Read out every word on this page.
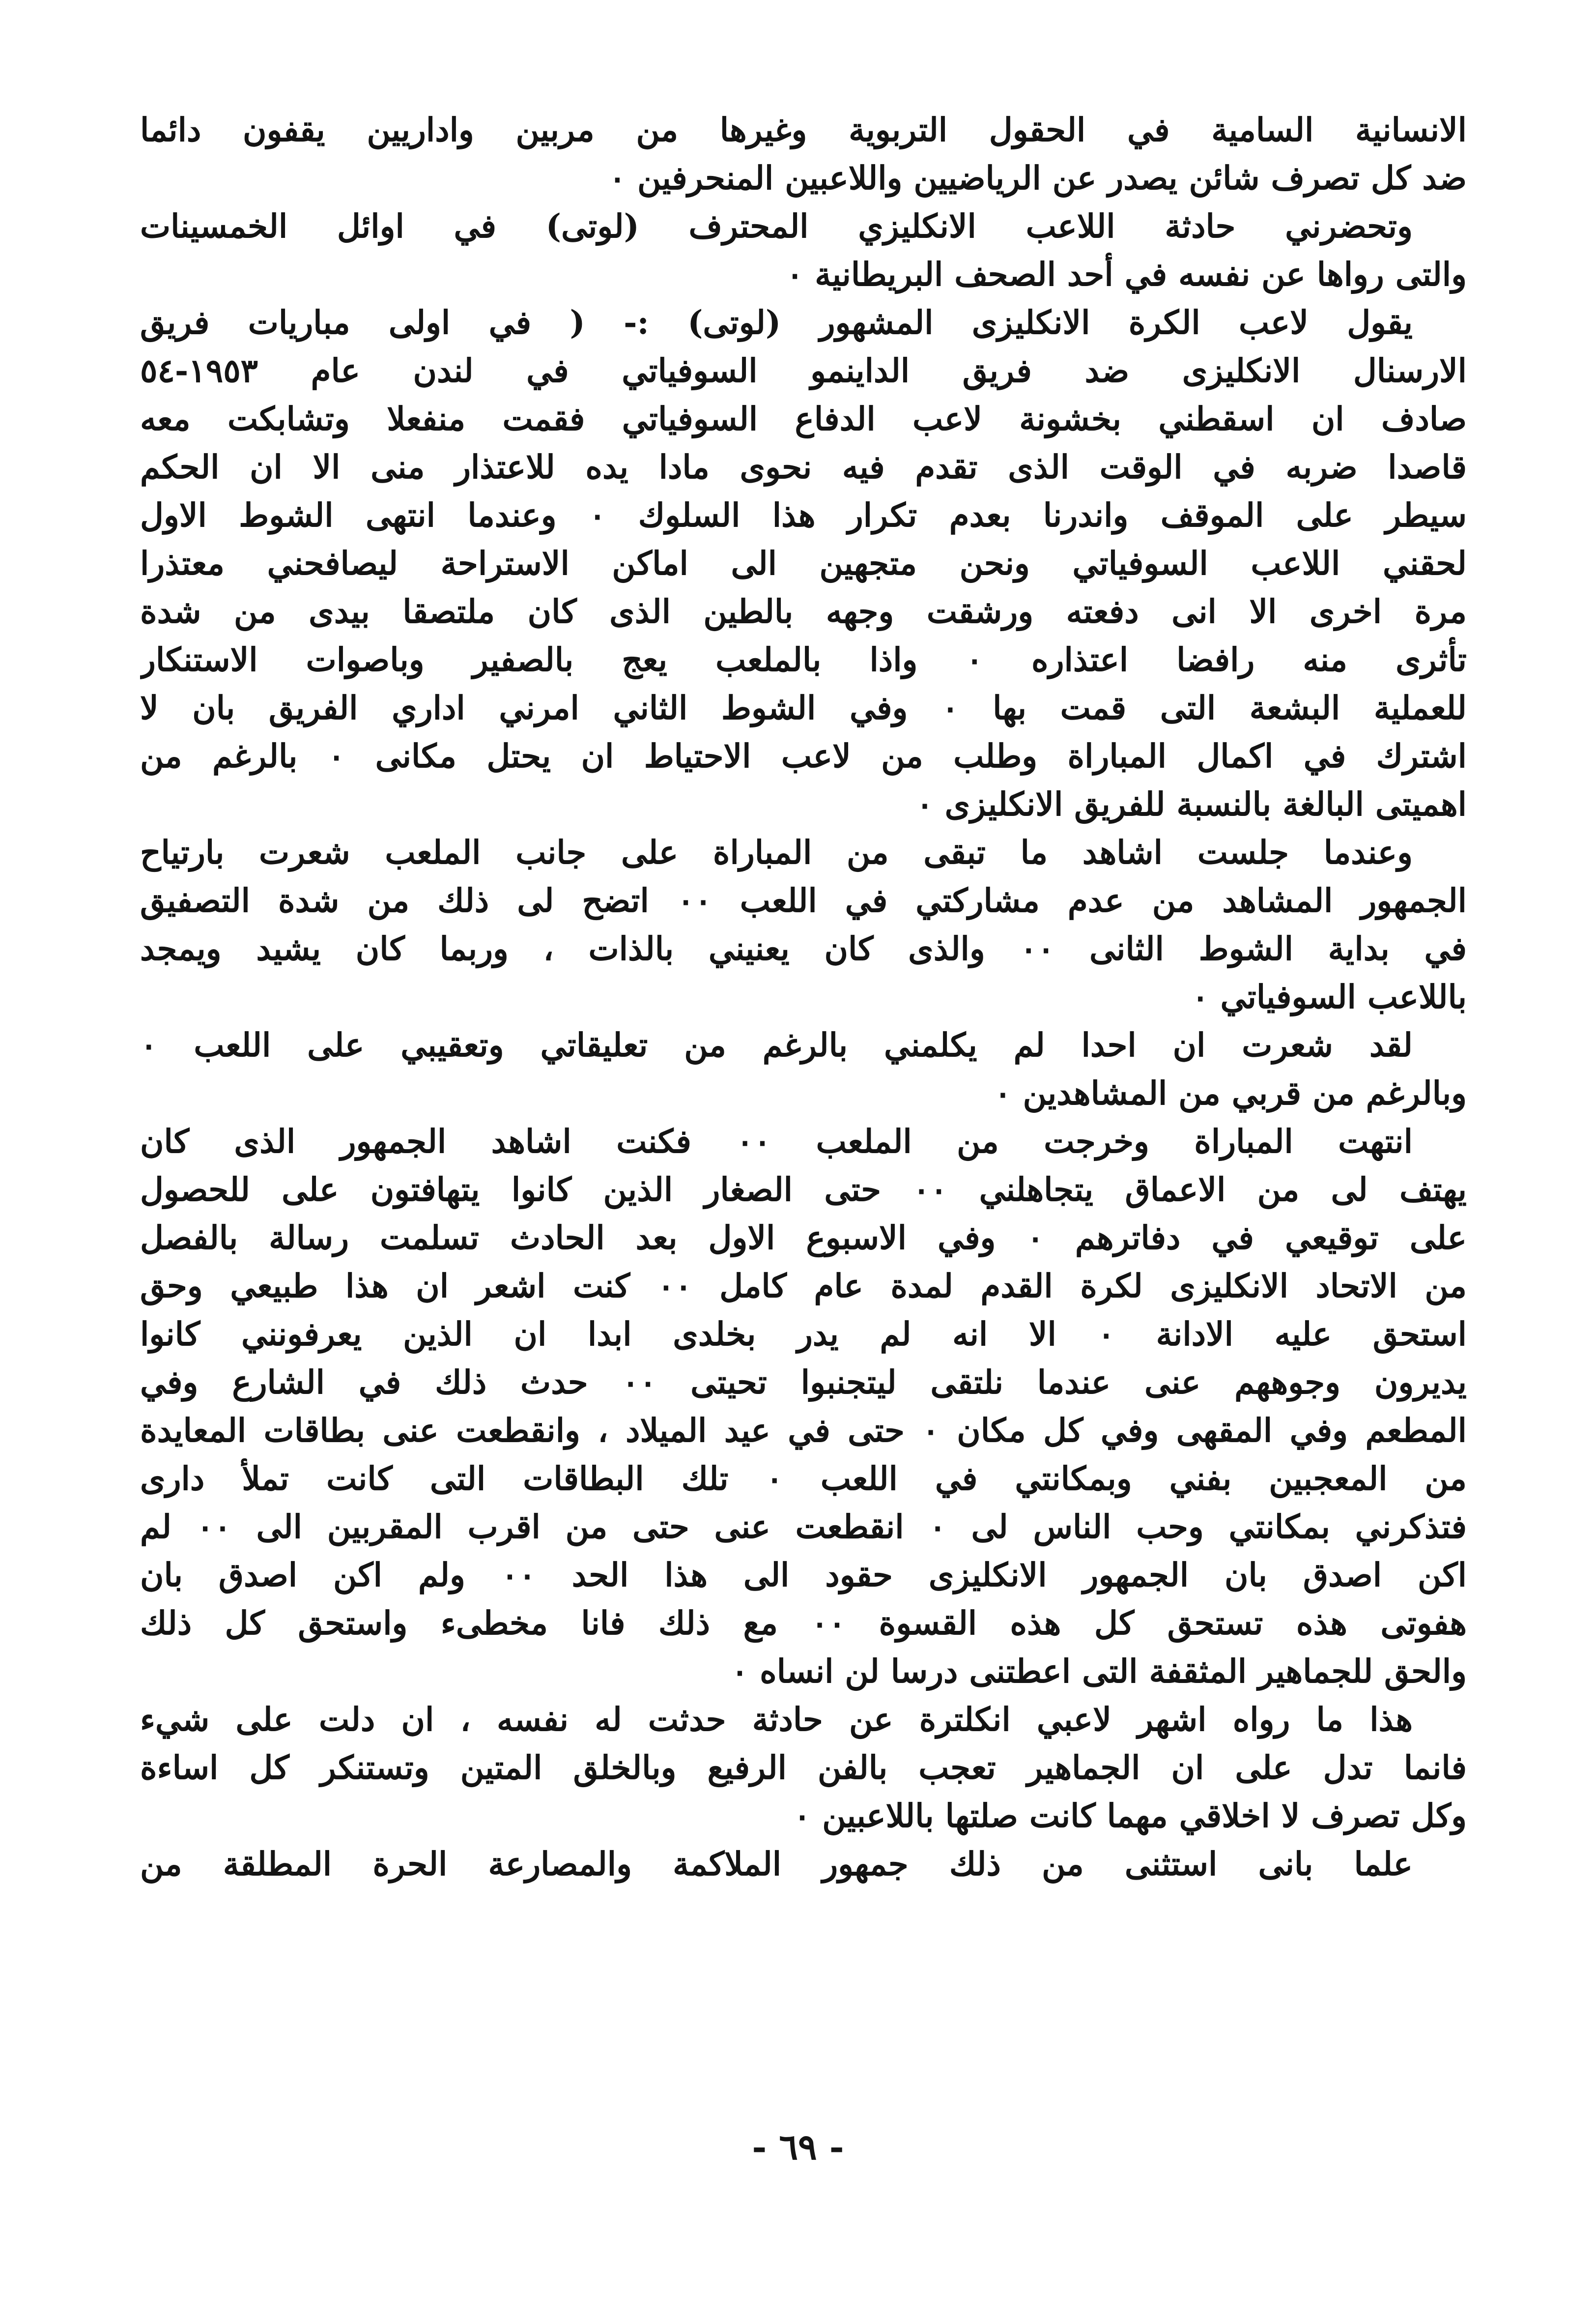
الانسانية السامية في الحقول التربوية وغيرها من مربين واداريين يقفون دائما
ضد كل تصرف شائن يصدر عن الرياضيين واللاعبين المنحرفين ٠
وتحضرني حادثة اللاعب الانكليزي المحترف (لوتى) في اوائل الخمسينات
والتى رواها عن نفسه في أحد الصحف البريطانية ٠
يقول لاعب الكرة الانكليزى المشهور (لوتى) :- ( في اولى مباريات فريق
الارسنال الانكليزى ضد فريق الداينمو السوفياتي في لندن عام ١٩٥٣-٥٤
صادف ان اسقطني بخشونة لاعب الدفاع السوفياتي فقمت منفعلا وتشابكت معه
قاصدا ضربه في الوقت الذى تقدم فيه نحوى مادا يده للاعتذار منى الا ان الحكم
سيطر على الموقف واندرنا بعدم تكرار هذا السلوك ٠ وعندما انتهى الشوط الاول
لحقني اللاعب السوفياتي ونحن متجهين الى اماكن الاستراحة ليصافحني معتذرا
مرة اخرى الا انى دفعته ورشقت وجهه بالطين الذى كان ملتصقا بيدى من شدة
تأثرى منه رافضا اعتذاره ٠ واذا بالملعب يعج بالصفير وباصوات الاستنكار
للعملية البشعة التى قمت بها ٠ وفي الشوط الثاني امرني اداري الفريق بان لا
اشترك في اكمال المباراة وطلب من لاعب الاحتياط ان يحتل مكانى ٠ بالرغم من
اهميتى البالغة بالنسبة للفريق الانكليزى ٠
وعندما جلست اشاهد ما تبقى من المباراة على جانب الملعب شعرت بارتياح
الجمهور المشاهد من عدم مشاركتي في اللعب ٠٠ اتضح لى ذلك من شدة التصفيق
في بداية الشوط الثانى ٠٠ والذى كان يعنيني بالذات ، وربما كان يشيد ويمجد
باللاعب السوفياتي ٠
لقد شعرت ان احدا لم يكلمني بالرغم من تعليقاتي وتعقيبي على اللعب ٠
وبالرغم من قربي من المشاهدين ٠
انتهت المباراة وخرجت من الملعب ٠٠ فكنت اشاهد الجمهور الذى كان
يهتف لى من الاعماق يتجاهلني ٠٠ حتى الصغار الذين كانوا يتهافتون على للحصول
على توقيعي في دفاترهم ٠ وفي الاسبوع الاول بعد الحادث تسلمت رسالة بالفصل
من الاتحاد الانكليزى لكرة القدم لمدة عام كامل ٠٠ كنت اشعر ان هذا طبيعي وحق
استحق عليه الادانة ٠ الا انه لم يدر بخلدى ابدا ان الذين يعرفونني كانوا
يديرون وجوههم عنى عندما نلتقى ليتجنبوا تحيتى ٠٠ حدث ذلك في الشارع وفي
المطعم وفي المقهى وفي كل مكان ٠ حتى في عيد الميلاد ، وانقطعت عنى بطاقات المعايدة
من المعجبين بفني وبمكانتي في اللعب ٠ تلك البطاقات التى كانت تملأ دارى
فتذكرني بمكانتي وحب الناس لى ٠ انقطعت عنى حتى من اقرب المقربين الى ٠٠ لم
اكن اصدق بان الجمهور الانكليزى حقود الى هذا الحد ٠٠ ولم اكن اصدق بان
هفوتى هذه تستحق كل هذه القسوة ٠٠ مع ذلك فانا مخطىء واستحق كل ذلك
والحق للجماهير المثقفة التى اعطتنى درسا لن انساه ٠
هذا ما رواه اشهر لاعبي انكلترة عن حادثة حدثت له نفسه ، ان دلت على شيء
فانما تدل على ان الجماهير تعجب بالفن الرفيع وبالخلق المتين وتستنكر كل اساءة
وكل تصرف لا اخلاقي مهما كانت صلتها باللاعبين ٠
علما بانى استثنى من ذلك جمهور الملاكمة والمصارعة الحرة المطلقة من
- ٦٩ -
